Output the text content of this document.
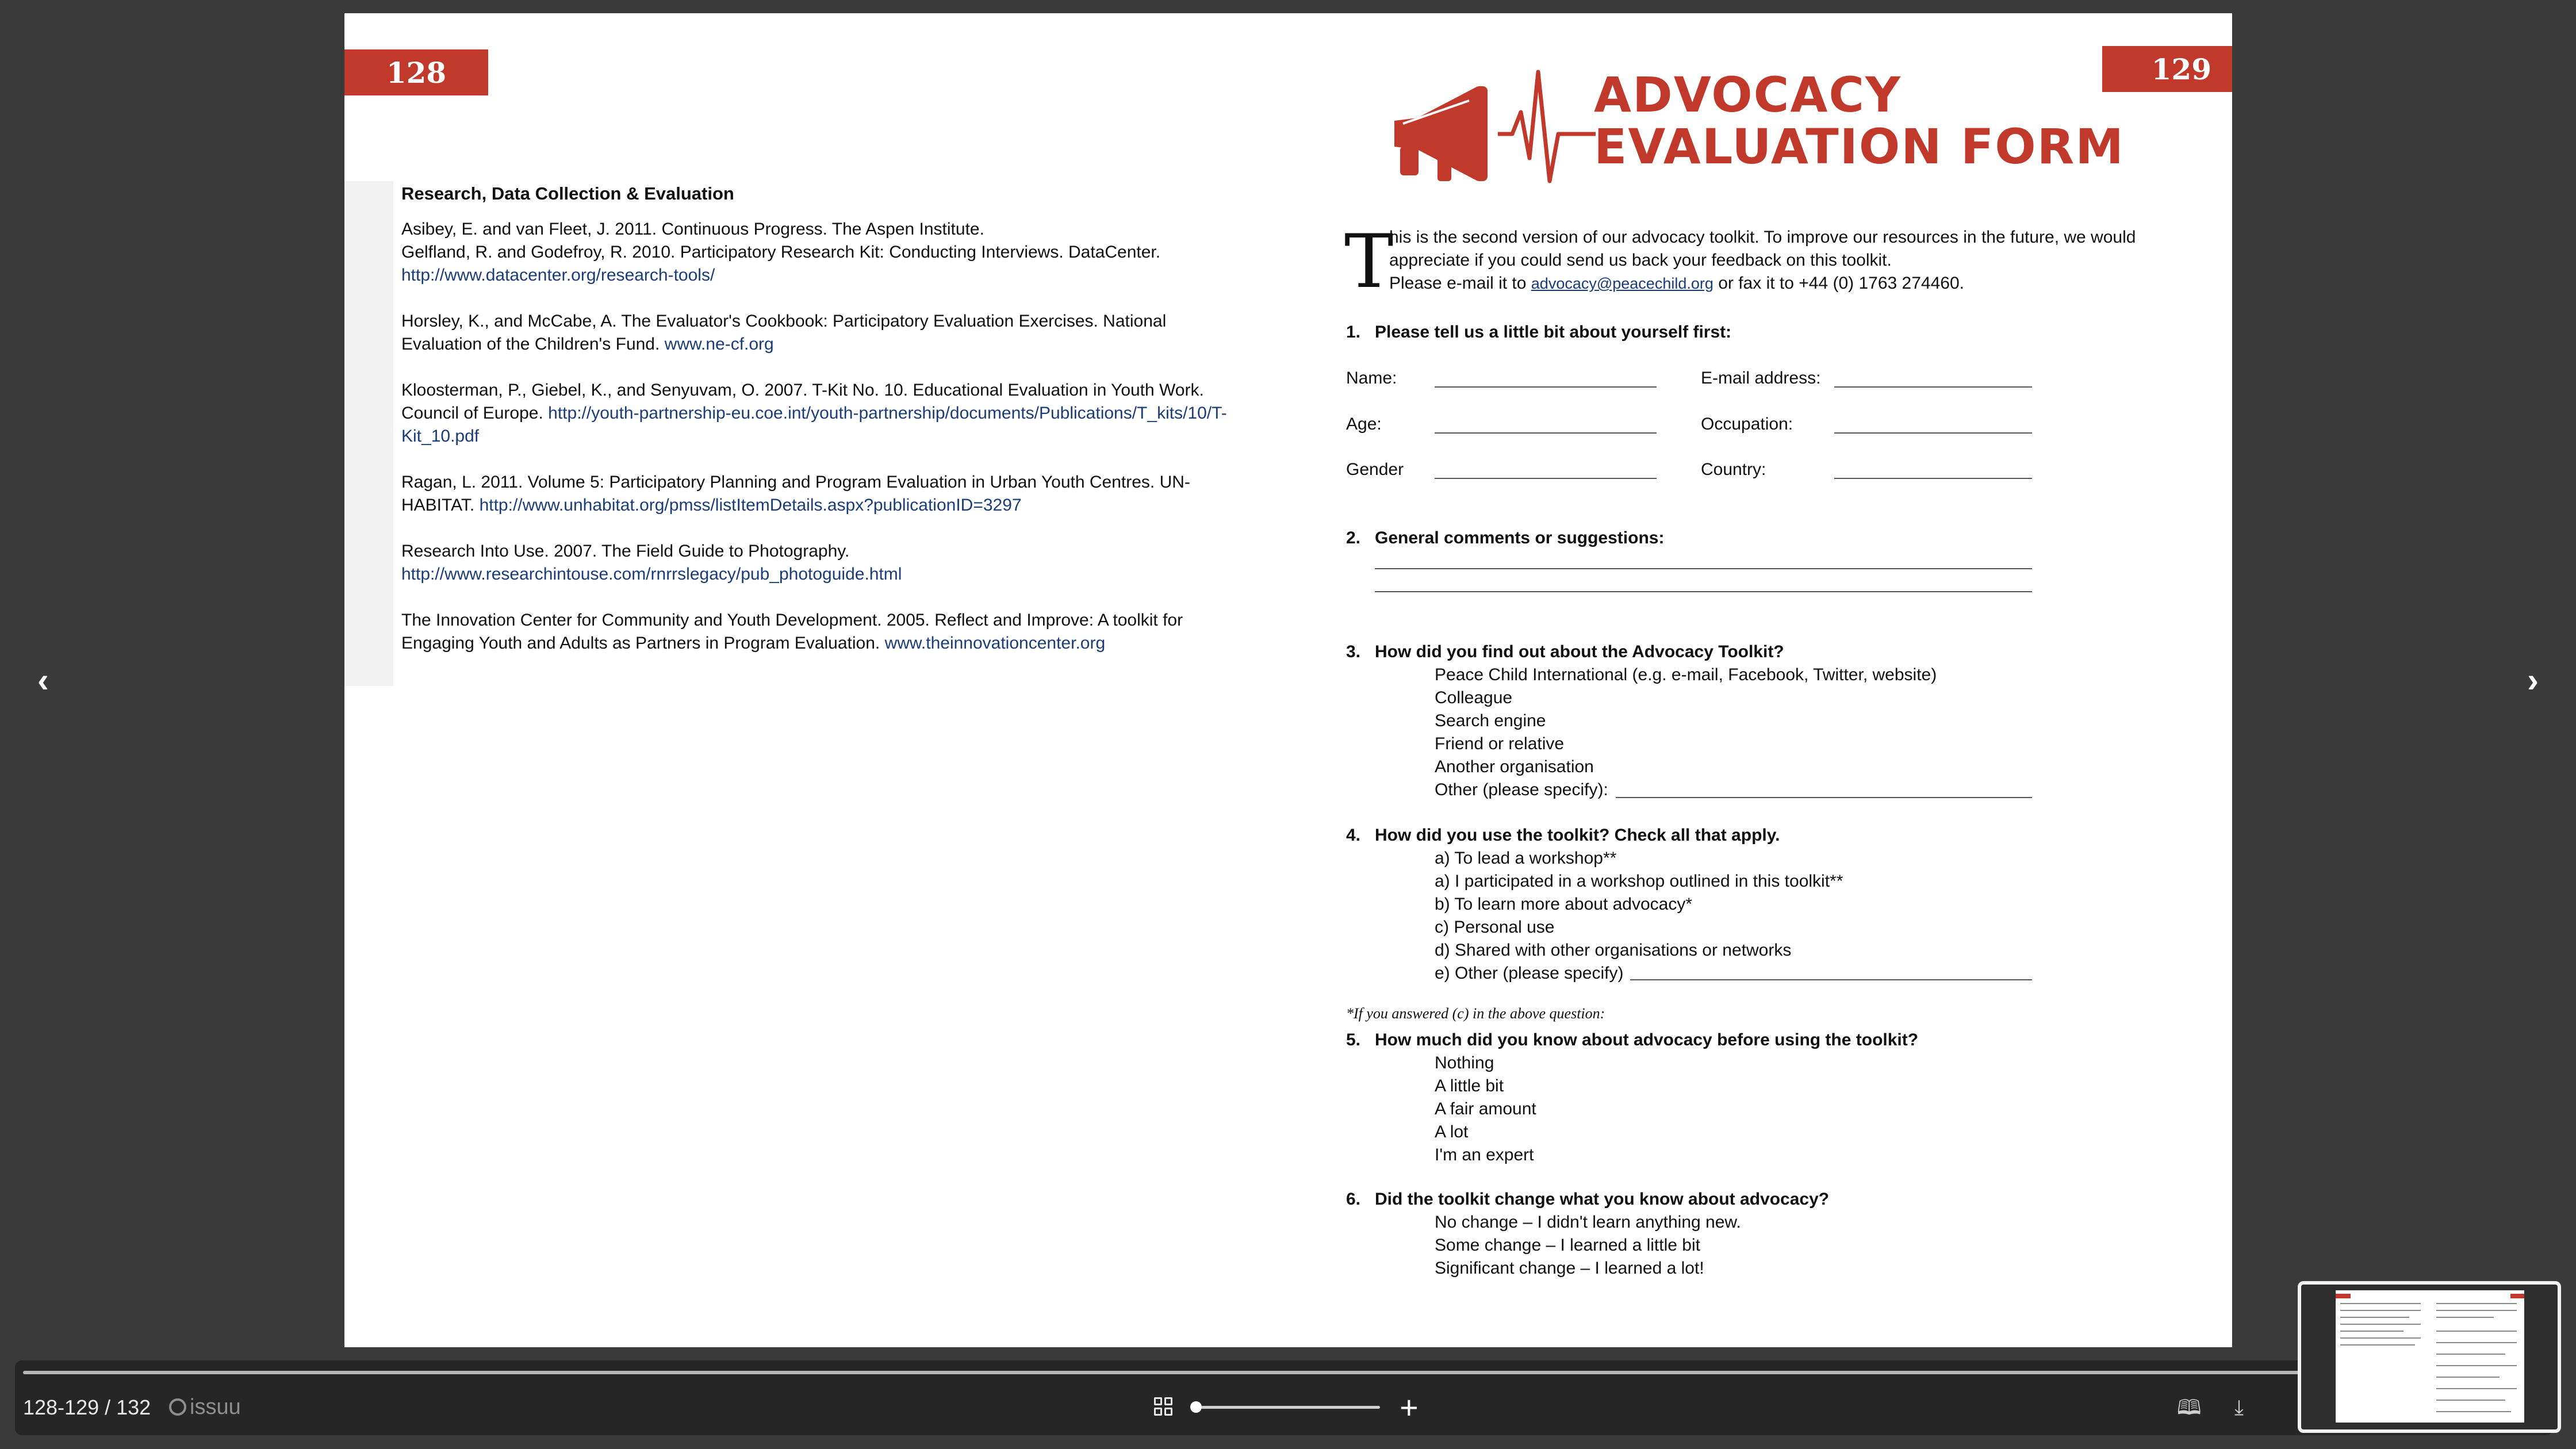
‹	›
128
Research, Data Collection & Evaluation
Asibey, E. and van Fleet, J. 2011. Continuous Progress. The Aspen Institute.
Gelfland, R. and Godefroy, R. 2010. Participatory Research Kit: Conducting Interviews. DataCenter. http://www.datacenter.org/research-tools/
Horsley, K., and McCabe, A. The Evaluator's Cookbook: Participatory Evaluation Exercises. National Evaluation of the Children's Fund. www.ne-cf.org
Kloosterman, P., Giebel, K., and Senyuvam, O. 2007. T-Kit No. 10. Educational Evaluation in Youth Work. Council of Europe. http://youth-partnership-eu.coe.int/youth-partnership/documents/Publications/T_kits/10/T-Kit_10.pdf
Ragan, L. 2011. Volume 5: Participatory Planning and Program Evaluation in Urban Youth Centres. UN-HABITAT. http://www.unhabitat.org/pmss/listItemDetails.aspx?publicationID=3297
Research Into Use. 2007. The Field Guide to Photography. http://www.researchintouse.com/rnrrslegacy/pub_photoguide.html
The Innovation Center for Community and Youth Development. 2005. Reflect and Improve: A toolkit for Engaging Youth and Adults as Partners in Program Evaluation. www.theinnovationcenter.org
129
ADVOCACY
EVALUATION FORM
T
his is the second version of our advocacy toolkit. To improve our resources in the future, we would
appreciate if you could send us back your feedback on this toolkit.
Please e-mail it to advocacy@peacechild.org or fax it to +44 (0) 1763 274460.
1. Please tell us a little bit about yourself first:
Name:	E-mail address:
Age:	Occupation:
Gender	Country:
2. General comments or suggestions:
3. How did you find out about the Advocacy Toolkit?
Peace Child International (e.g. e-mail, Facebook, Twitter, website)
Colleague
Search engine
Friend or relative
Another organisation
Other (please specify):
4. How did you use the toolkit? Check all that apply.
a) To lead a workshop**
a) I participated in a workshop outlined in this toolkit**
b) To learn more about advocacy*
c) Personal use
d) Shared with other organisations or networks
e) Other (please specify)
*If you answered (c) in the above question:
5. How much did you know about advocacy before using the toolkit?
Nothing
A little bit
A fair amount
A lot
I'm an expert
6. Did the toolkit change what you know about advocacy?
No change – I didn't learn anything new.
Some change – I learned a little bit
Significant change – I learned a lot!
128-129 / 132	issuu	+	🕮 ⤓
